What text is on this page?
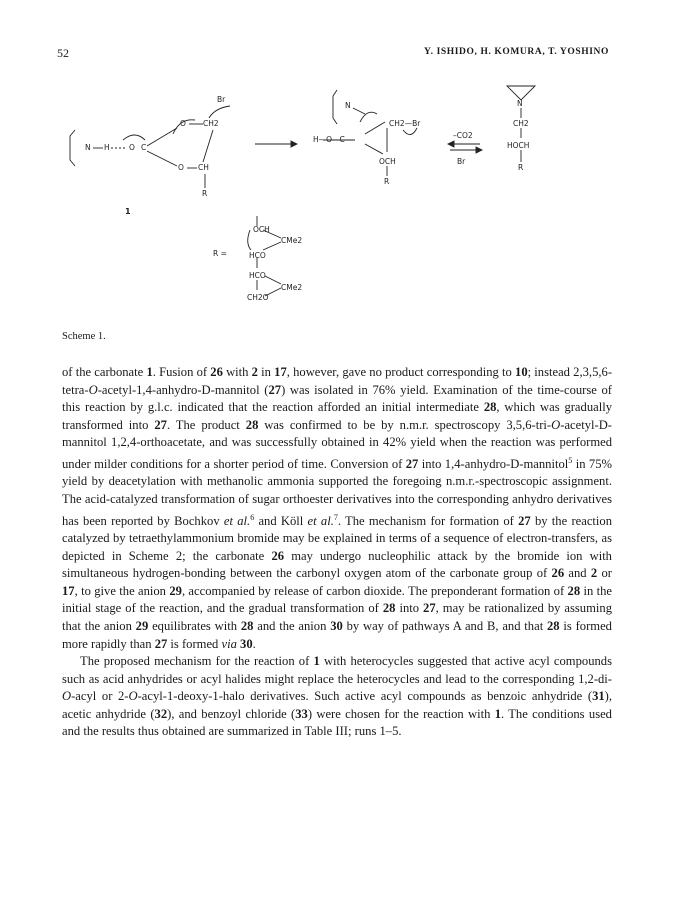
52	Y. ISHIDO, H. KOMURA, T. YOSHINO
Br
CH2
O
CH
R
N H	C
O
O
1
N
H—O—C
CH2—Br
OCH
R
–CO2
Br
N
CH2
HOCH
R
R =
OCH
CMe2
HCO
HCO
CMe2
CH2O
Scheme 1.

of the carbonate 1. Fusion of 26 with 2 in 17, however, gave no product corresponding to 10; instead 2,3,5,6-tetra-O-acetyl-1,4-anhydro-D-mannitol (27) was isolated in 76% yield. Examination of the time-course of this reaction by g.l.c. indicated that the reaction afforded an initial intermediate 28, which was gradually transformed into 27. The product 28 was confirmed to be by n.m.r. spectroscopy 3,5,6-tri-O-acetyl-D-mannitol 1,2,4-orthoacetate, and was successfully obtained in 42% yield when the reaction was performed under milder conditions for a shorter period of time. Conversion of 27 into 1,4-anhydro-D-mannitol$^5$ in 75% yield by deacetylation with methanolic ammonia supported the foregoing n.m.r.-spectroscopic assignment. The acid-catalyzed transformation of sugar orthoester derivatives into the corresponding anhydro derivatives has been reported by Bochkov et al.$^6$ and Köll et al.$^7$. The mechanism for formation of 27 by the reaction catalyzed by tetraethylammonium bromide may be explained in terms of a sequence of electron-transfers, as depicted in Scheme 2; the carbonate 26 may undergo nucleophilic attack by the bromide ion with simultaneous hydrogen-bonding between the carbonyl oxygen atom of the carbonate group of 26 and 2 or 17, to give the anion 29, accompanied by release of carbon dioxide. The preponderant formation of 28 in the initial stage of the reaction, and the gradual transformation of 28 into 27, may be rationalized by assuming that the anion 29 equilibrates with 28 and the anion 30 by way of pathways A and B, and that 28 is formed more rapidly than 27 is formed via 30.

The proposed mechanism for the reaction of 1 with heterocycles suggested that active acyl compounds such as acid anhydrides or acyl halides might replace the heterocycles and lead to the corresponding 1,2-di-O-acyl or 2-O-acyl-1-deoxy-1-halo derivatives. Such active acyl compounds as benzoic anhydride (31), acetic anhydride (32), and benzoyl chloride (33) were chosen for the reaction with 1. The conditions used and the results thus obtained are summarized in Table III; runs 1–5.
